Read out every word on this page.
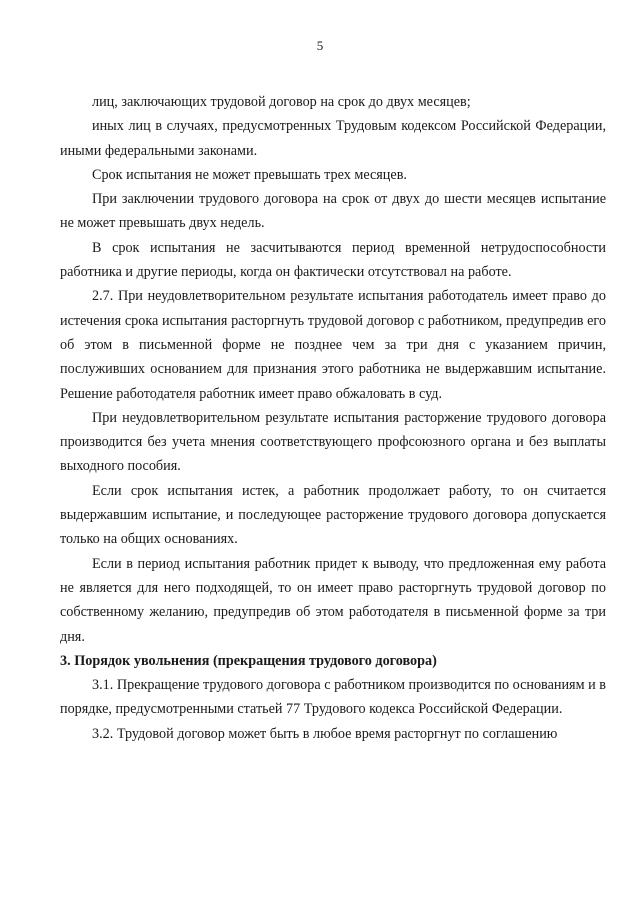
5

лиц, заключающих трудовой договор на срок до двух месяцев;

иных лиц в случаях, предусмотренных Трудовым кодексом Российской Федерации, иными федеральными законами.

Срок испытания не может превышать трех месяцев.

При заключении трудового договора на срок от двух до шести месяцев испытание не может превышать двух недель.

В срок испытания не засчитываются период временной нетрудоспособности работника и другие периоды, когда он фактически отсутствовал на работе.

2.7. При неудовлетворительном результате испытания работодатель имеет право до истечения срока испытания расторгнуть трудовой договор с работником, предупредив его об этом в письменной форме не позднее чем за три дня с указанием причин, послуживших основанием для признания этого работника не выдержавшим испытание. Решение работодателя работник имеет право обжаловать в суд.

При неудовлетворительном результате испытания расторжение трудового договора производится без учета мнения соответствующего профсоюзного органа и без выплаты выходного пособия.

Если срок испытания истек, а работник продолжает работу, то он считается выдержавшим испытание, и последующее расторжение трудового договора допускается только на общих основаниях.

Если в период испытания работник придет к выводу, что предложенная ему работа не является для него подходящей, то он имеет право расторгнуть трудовой договор по собственному желанию, предупредив об этом работодателя в письменной форме за три дня.

3. Порядок увольнения (прекращения трудового договора)

3.1. Прекращение трудового договора с работником производится по основаниям и в порядке, предусмотренными статьей 77 Трудового кодекса Российской Федерации.

3.2. Трудовой договор может быть в любое время расторгнут по соглашению
